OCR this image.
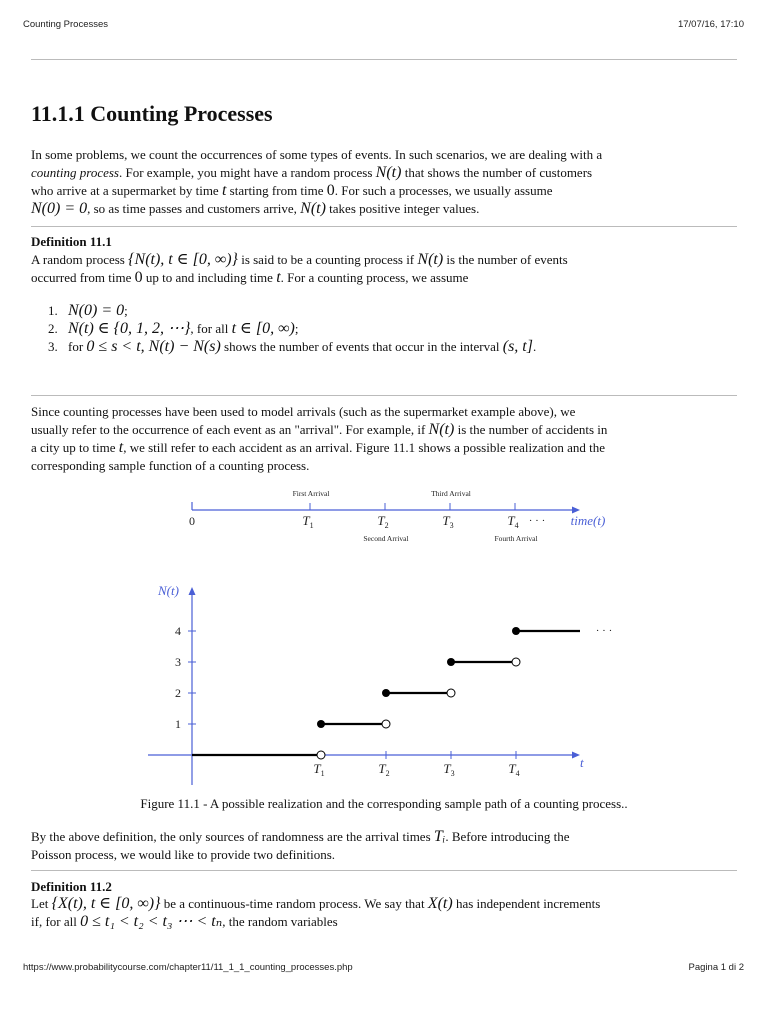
Counting Processes	17/07/16, 17:10
11.1.1 Counting Processes
In some problems, we count the occurrences of some types of events. In such scenarios, we are dealing with a
counting process. For example, you might have a random process N(t) that shows the number of customers
who arrive at a supermarket by time t starting from time 0. For such a processes, we usually assume
N(0) = 0, so as time passes and customers arrive, N(t) takes positive integer values.
Definition 11.1
A random process {N(t), t ∈ [0, ∞)} is said to be a counting process if N(t) is the number of events
occurred from time 0 up to and including time t. For a counting process, we assume
1. N(0) = 0;
2. N(t) ∈ {0, 1, 2, ⋯}, for all t ∈ [0, ∞);
3. for 0 ≤ s < t, N(t) − N(s) shows the number of events that occur in the interval (s, t].
Since counting processes have been used to model arrivals (such as the supermarket example above), we
usually refer to the occurrence of each event as an "arrival". For example, if N(t) is the number of accidents in
a city up to time t, we still refer to each accident as an arrival. Figure 11.1 shows a possible realization and the
corresponding sample function of a counting process.
First Arrival	Third Arrival
0	$T_1$	$T_2$	$T_3$	$T_4$ · · · time(t)
Second Arrival	Fourth Arrival
N(t)
t
1
2
3
4
$T_1$	$T_2$	$T_3$	$T_4$
· · ·
Figure 11.1 - A possible realization and the corresponding sample path of a counting process..
By the above definition, the only sources of randomness are the arrival times Tᵢ. Before introducing the
Poisson process, we would like to provide two definitions.
Definition 11.2
Let {X(t), t ∈ [0, ∞)} be a continuous-time random process. We say that X(t) has independent increments
if, for all 0 ≤ t₁ < t₂ < t₃ ⋯ < tₙ, the random variables
https://www.probabilitycourse.com/chapter11/11_1_1_counting_processes.php	Pagina 1 di 2
